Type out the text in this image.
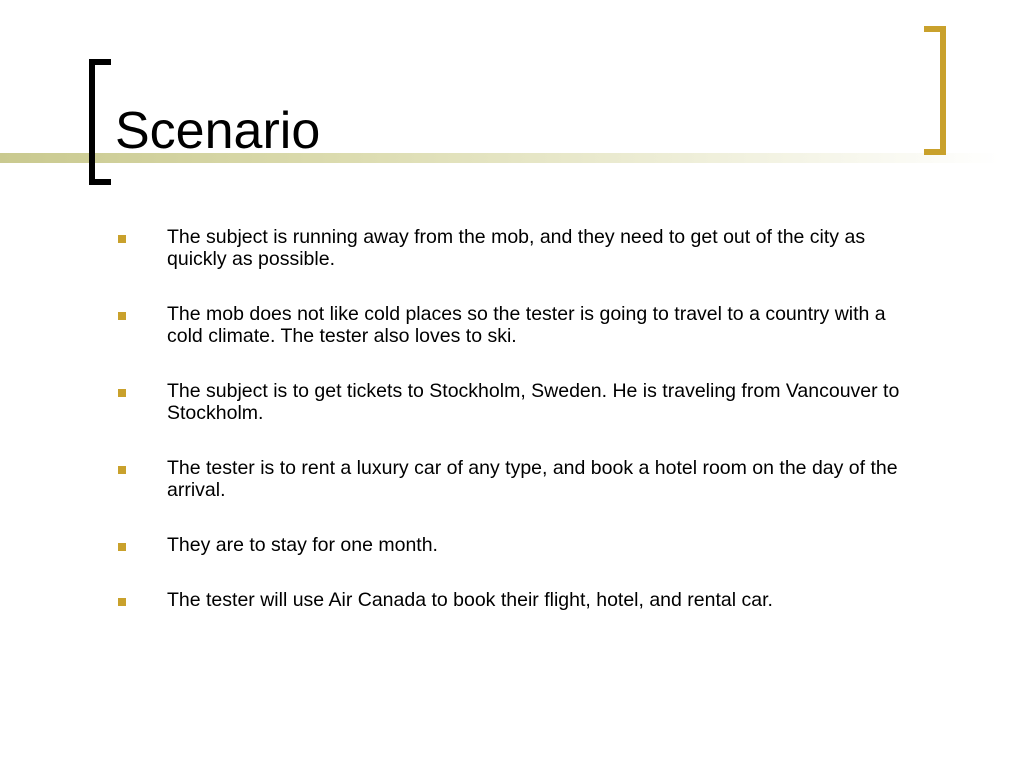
Scenario
The subject is running away from the mob, and they need to get out of the city as quickly as possible.
The mob does not like cold places so the tester is going to travel to a country with a cold climate. The tester also loves to ski.
The subject is to get tickets to Stockholm, Sweden. He is traveling from Vancouver to Stockholm.
The tester is to rent a luxury car of any type, and book a hotel room on the day of the arrival.
They are to stay for one month.
The tester will use Air Canada to book their flight, hotel, and rental car.
